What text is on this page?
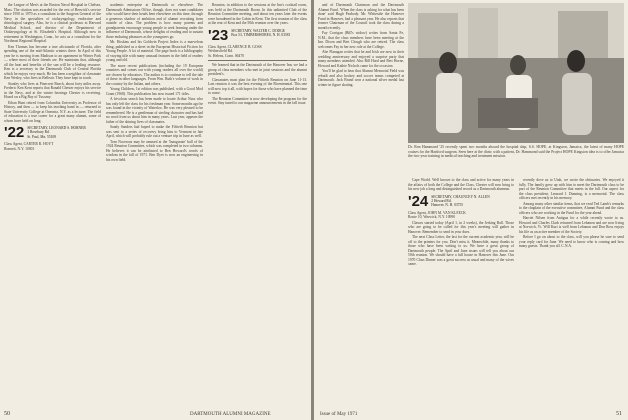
the League of Men's at the Boston Naval Hospital in Chelsea, Mass. The citation was awarded for the rest of Berwick's service since 1950 to 1970 as a consultant to the Surgeon General of the Navy in the specialties of otolaryngology, endocrine and rhinological surgery. Also, he is a clinical professor at Harvard Medical School, and director of the Department of Otolaryngology at St. Elizabeth's Hospital. Although now in retirement in Washington, Conn., he acts as a consultant for the Northeast Regional Hospital.

Ken Thomas has become a true aficionado of Florida, after spending one of the mid-Atlantic winters there. In April of this year he is moving from Madison to an apartment in Winter Park — where most of their friends are. He maintains that, although all the heat and benefits of the sun will be a healing resource. Ken is a secretary in the Dartmouth Club of Central Florida which he enjoys very much. He has been a neighbor of classmate Ken Wesley, who lives in Belleair. They have kept in touch.

Stanley who lives at Pinecrest Beach, about forty miles away. Frederic Ken Kent reports that Ranald Chester enjoys his service in the Navy, and at the winter hearings Chester is receiving. Hoard on a Big Bay of Tuscany.

Ethan Hunt retired from Columbia University as Professor of History, and then — to keep his teaching hand in — returned to State University College at Oneonta, N.Y. as a lecturer. The field of education is a true career for a great many alumni, some of whom have held on long.

'22 SECRETARY, LEONARD S. HORNER
1 Rosebury Rd.
St. Paul, Mn. 55108

Class Agent, CARTER R. HOYT
Bonnett, N.Y. 10001

academic enterprise at Dartmouth or elsewhere. The Dartmouth Admissions Office, though, does not want candidates who would have their heads bent elsewhere on this time, through a generous shadow of ambition and of alumni recruiting from outside of class. The problem is how many parents and grandparents encourage young people to seek learning under the influence of Dartmouth, whose delights of reading and to sustain those enduring pleasures as the youngsters go.

Mr. Hoskins and his Goldwin Project Index is a marvelous thing, published as a sheet in the European Historical Fiction for Young People. A lot of material. The page book is a bibliography of varying title with many unusual features in the field of readers young and old.

The more recent publications (including the 19 European countries and comes out with young readers all over the world) are chosen by educators. The author is to continue to tell the tale of these in other languages. From Wm. Ruth's volume of work in the country by the Italian, and others.

Young Children, 1st edition was published, with a Good Mod Grant (1968). This publication has now issued 171 titles.

A frivolous search has been made to locate Arthur Nuss who has only left the class for his freshman year. Some months ago he was found in the vicinity of Waterloo. He was very pleased to be remembered. He is a gentleman of sterling character and has had no word from us about him in many years. Last year, appears the father of the shining lives of classmates.

Sandy Sanders had hoped to make the Fiftieth Reunion but was sent to a series of recovery bring him to Vermont in late April, which will probably rule out a venture trip in June as well.

Tom Nocerous may be amused at the 'Inaugurate' ball of the 1924 Reunion Committee, which was completed in two columns. He believes it can be attributed to Ben Howard's words of wisdom in the fall of 1971. Ben Dyer is now an engineering in his own field.

Reunion, in addition to the sessions at the Inn's cocktail room, was held at the Dartmouth Room. In this unlimited Club of the Reunion Committee meeting, and about ten years later the events were broadened in the Cabin in Kent. The first reunion of the class at the rear of Kent and the 50th reunion over the years.

'23 SECRETARY, WALTER C. DODGE
Box 53, TIMBERSHORES, N. H. 03581

Class Agent, CLARENCE B. GOSS
Wethersfield Rd.
St. Helens, Conn. 06470

We learned that in the Dartmouth of the Hanover Inn, we had a group of class members who met in joint sessions and the alumni president's.

Classmates must plan for the Fiftieth Reunion on June 11-13. Last reunion it was the best evening of the Bicentennial. This one will now top it all, with hopes for those who have planned the time to come.

The Reunion Committee is now developing the program for the event. Stay tuned to our magazine announcements in the fall issue.

50	DARTMOUTH ALUMNI MAGAZINE

and of Dartmouth Chairman and the Dartmouth Alumni Fund. 'When the class is asking for what has been done' said Hugh Peabody. Mr. Whiteside the Hanover Fund in Hanover, had a pleasant year. He also reports that former Chairman of the Council took the class during a month recently.

Fay Corrigan (Bill's widow) writes from Santa Fe, N.M., that the class members have been meeting at the Inn. Dixon and Bert Clough who are retired. The class welcomes Fay in her new role at the College.

Abe Flanagan writes that he and Irish are now in their wedding anniversary and enjoyed a surprise party that many members attended. Also Bill Hurd and Bert Horne, Howard and Kathie Nichols came for the occasion.

You'll be glad to hear that Alumni Memorial Field was rebuilt and also hockey and soccer teams competed at Dartmouth. Jack Brand won a national silver medal last winter in figure skating.

Dr. Ron Hammond '25 recently spent two months aboard the hospital ship, S.S. HOPE, at Kingston, Jamaica, the latest of many HOPE cruises for the Hartford surgeon. Seen here at the clinic with a patient, Dr. Hammond said the Project HOPE Kingston idea is to offer Jamaica the two-year training in medical teaching and treatment mission.

Cape World. Well known to the class and active for many years in the affairs of both the College and the Class, Chester will now bring to his new job a long and distinguished record as a Dartmouth alumnus.

'24 SECRETARY, CHAUNCEY N. ALLEN
2 Howard Rd.
Hanover, N. H. 03755

Class Agent, JOHN M. VAN KLEECK
Route 10, Warwick, N.Y. 10990

Classes started today (April 1, in 2 weeks), the Jerking Ball. Those who are going to be called for this year's meeting will gather in Hanover. Remember to send in your dues.

The next Class Letter, the last for the current academic year, will be off to the printers for you. Don't miss it. Meanwhile, many thanks to those who have been writing to us. We have a great group of Dartmouth people. The April and June issues will tell you about our 50th reunion. We should have a full house in Hanover this June. Our 1970 Class Dinner was a great success as usual and many of the wives came.

recently dove us to Utah, we wrote the obituaries. We enjoyed it fully. The family grew up with him to meet the Dartmouth class to be part of the Reunion Committee that meets in the fall. Our aspect for the class president, Leonard J. Dunning, is a memorial. The class officers met recently in his memory.

Among many other similar items, that we read Ted Lamb's remarks to the chaplain of the executive committee, Alumni Fund and the class officers who are working in the Fund for the year ahead.

Harriet Nilsen from Antigua for a while recently wrote to us. Howard and Charles Clark returned from Lebanon and are now living at Norwich, Vt. Will Kurt is well from Lebanon and Don Ross enjoys his life as an active member of the Society.

Before I go on about to the class, will you please be sure to send your reply card for June. We need to know who is coming and how many guests. Thank you all. C.N.A.

Issue of May 1971	51
